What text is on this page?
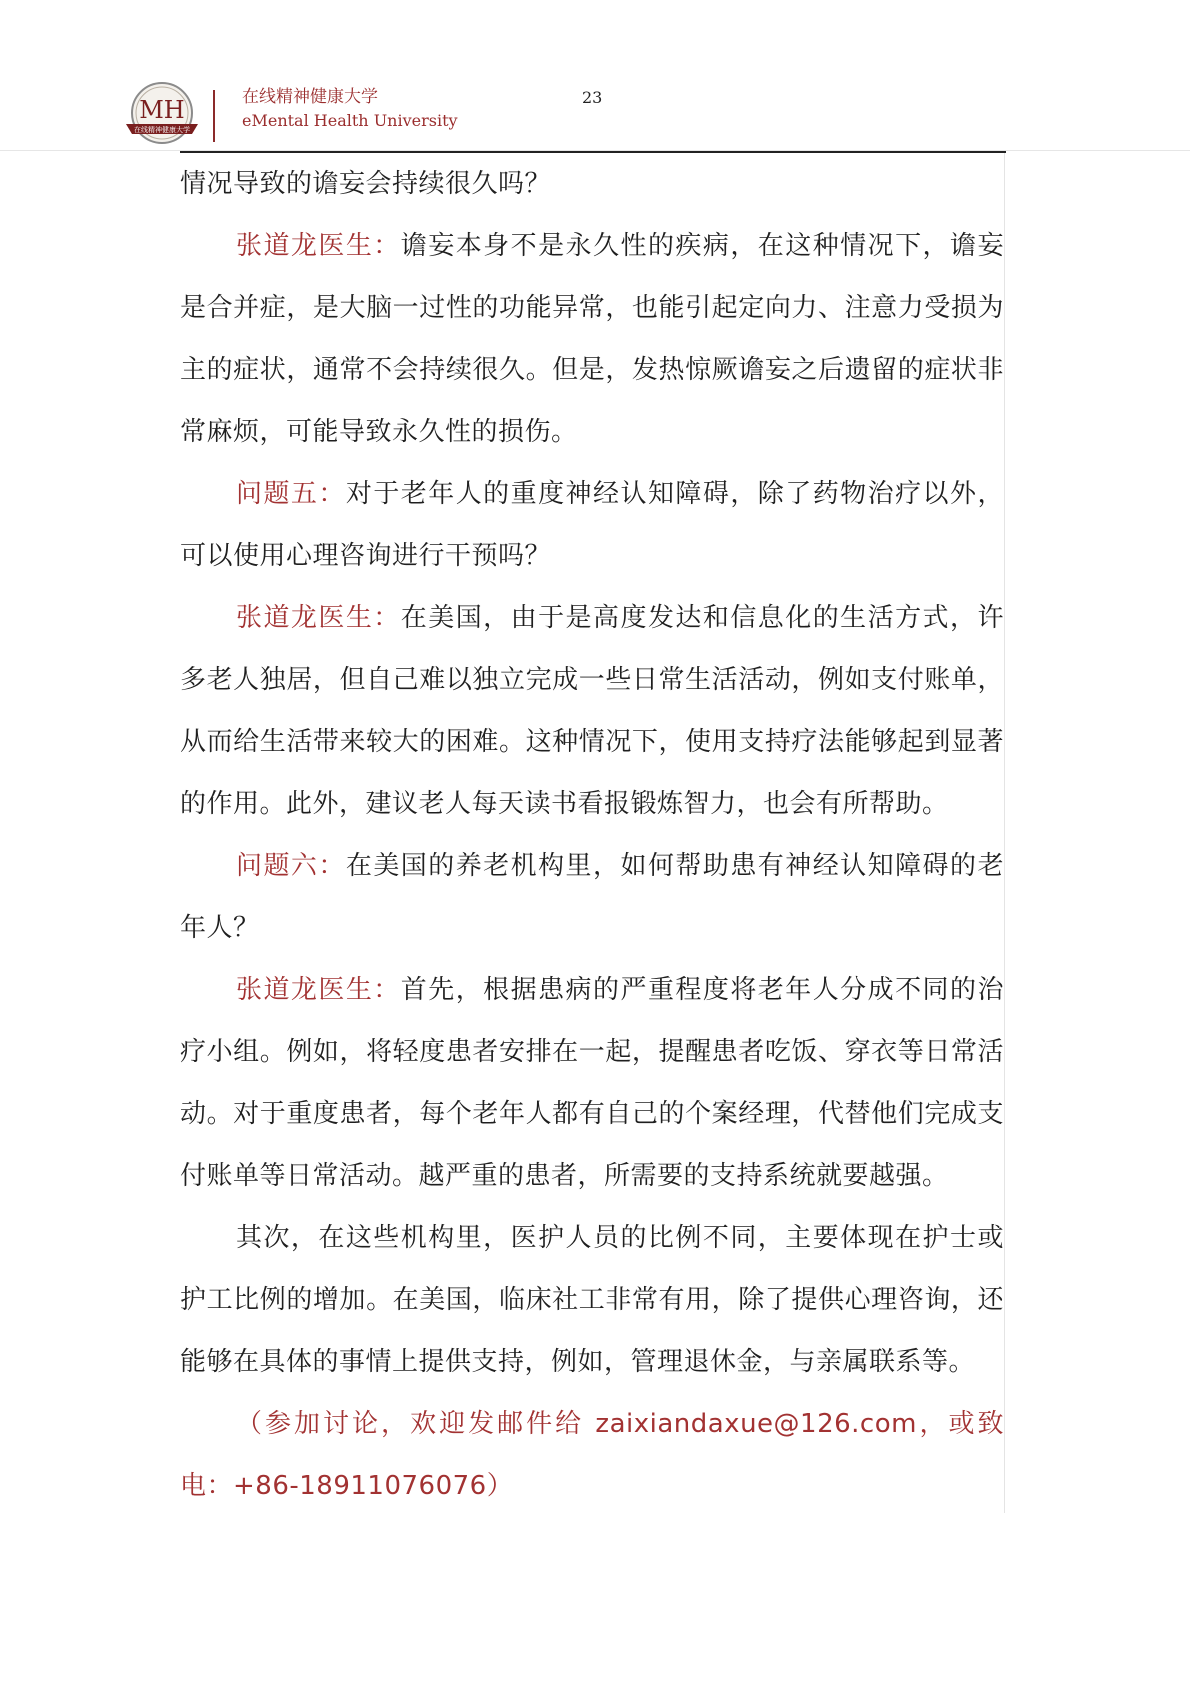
MH
在线精神健康大学
在线精神健康大学
eMental Health University
23

情况导致的谵妄会持续很久吗？

张道龙医生：谵妄本身不是永久性的疾病，在这种情况下，谵妄是合并症，是大脑一过性的功能异常，也能引起定向力、注意力受损为主的症状，通常不会持续很久。但是，发热惊厥谵妄之后遗留的症状非常麻烦，可能导致永久性的损伤。

问题五：对于老年人的重度神经认知障碍，除了药物治疗以外，可以使用心理咨询进行干预吗？

张道龙医生：在美国，由于是高度发达和信息化的生活方式，许多老人独居，但自己难以独立完成一些日常生活活动，例如支付账单，从而给生活带来较大的困难。这种情况下，使用支持疗法能够起到显著的作用。此外，建议老人每天读书看报锻炼智力，也会有所帮助。

问题六：在美国的养老机构里，如何帮助患有神经认知障碍的老年人？

张道龙医生：首先，根据患病的严重程度将老年人分成不同的治疗小组。例如，将轻度患者安排在一起，提醒患者吃饭、穿衣等日常活动。对于重度患者，每个老年人都有自己的个案经理，代替他们完成支付账单等日常活动。越严重的患者，所需要的支持系统就要越强。

其次，在这些机构里，医护人员的比例不同，主要体现在护士或护工比例的增加。在美国，临床社工非常有用，除了提供心理咨询，还能够在具体的事情上提供支持，例如，管理退休金，与亲属联系等。

（参加讨论，欢迎发邮件给 zaixiandaxue@126.com，或致电：+86-18911076076）
